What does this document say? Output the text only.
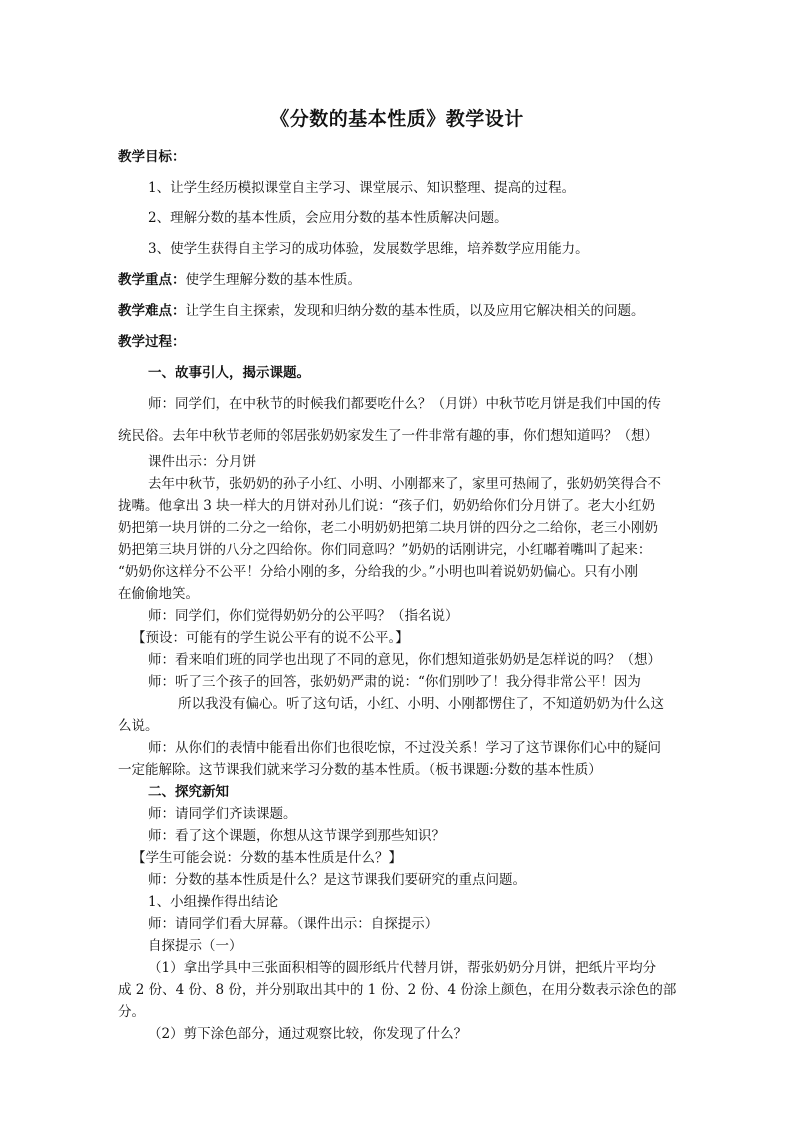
《分数的基本性质》教学设计
教学目标：
1、让学生经历模拟课堂自主学习、课堂展示、知识整理、提高的过程。
2、理解分数的基本性质，会应用分数的基本性质解决问题。
3、使学生获得自主学习的成功体验，发展数学思维，培养数学应用能力。
教学重点：使学生理解分数的基本性质。
教学难点：让学生自主探索，发现和归纳分数的基本性质，以及应用它解决相关的问题。
教学过程：
一、故事引人，揭示课题。
师：同学们，在中秋节的时候我们都要吃什么？（月饼）中秋节吃月饼是我们中国的传
统民俗。去年中秋节老师的邻居张奶奶家发生了一件非常有趣的事，你们想知道吗？（想）
课件出示：分月饼
去年中秋节，张奶奶的孙子小红、小明、小刚都来了，家里可热闹了，张奶奶笑得合不
拢嘴。他拿出 3 块一样大的月饼对孙儿们说：“孩子们，奶奶给你们分月饼了。老大小红奶
奶把第一块月饼的二分之一给你，老二小明奶奶把第二块月饼的四分之二给你，老三小刚奶
奶把第三块月饼的八分之四给你。你们同意吗？”奶奶的话刚讲完，小红嘟着嘴叫了起来：
“奶奶你这样分不公平！分给小刚的多，分给我的少。”小明也叫着说奶奶偏心。只有小刚
在偷偷地笑。
师：同学们，你们觉得奶奶分的公平吗？（指名说）
【预设：可能有的学生说公平有的说不公平。】
师：看来咱们班的同学也出现了不同的意见，你们想知道张奶奶是怎样说的吗？（想）
师：听了三个孩子的回答，张奶奶严肃的说：“你们别吵了！我分得非常公平！因为
所以我没有偏心。听了这句话，小红、小明、小刚都愣住了，不知道奶奶为什么这
么说。
师：从你们的表情中能看出你们也很吃惊，不过没关系！学习了这节课你们心中的疑问
一定能解除。这节课我们就来学习分数的基本性质。（板书课题:分数的基本性质）
二、探究新知
师：请同学们齐读课题。
师：看了这个课题，你想从这节课学到那些知识？
【学生可能会说：分数的基本性质是什么？】
师：分数的基本性质是什么？是这节课我们要研究的重点问题。
1、小组操作得出结论
师：请同学们看大屏幕。（课件出示：自探提示）
自探提示（一）
（1）拿出学具中三张面积相等的圆形纸片代替月饼，帮张奶奶分月饼，把纸片平均分
成 2 份、4 份、8 份，并分别取出其中的 1 份、2 份、4 份涂上颜色，在用分数表示涂色的部
分。
（2）剪下涂色部分，通过观察比较，你发现了什么？
